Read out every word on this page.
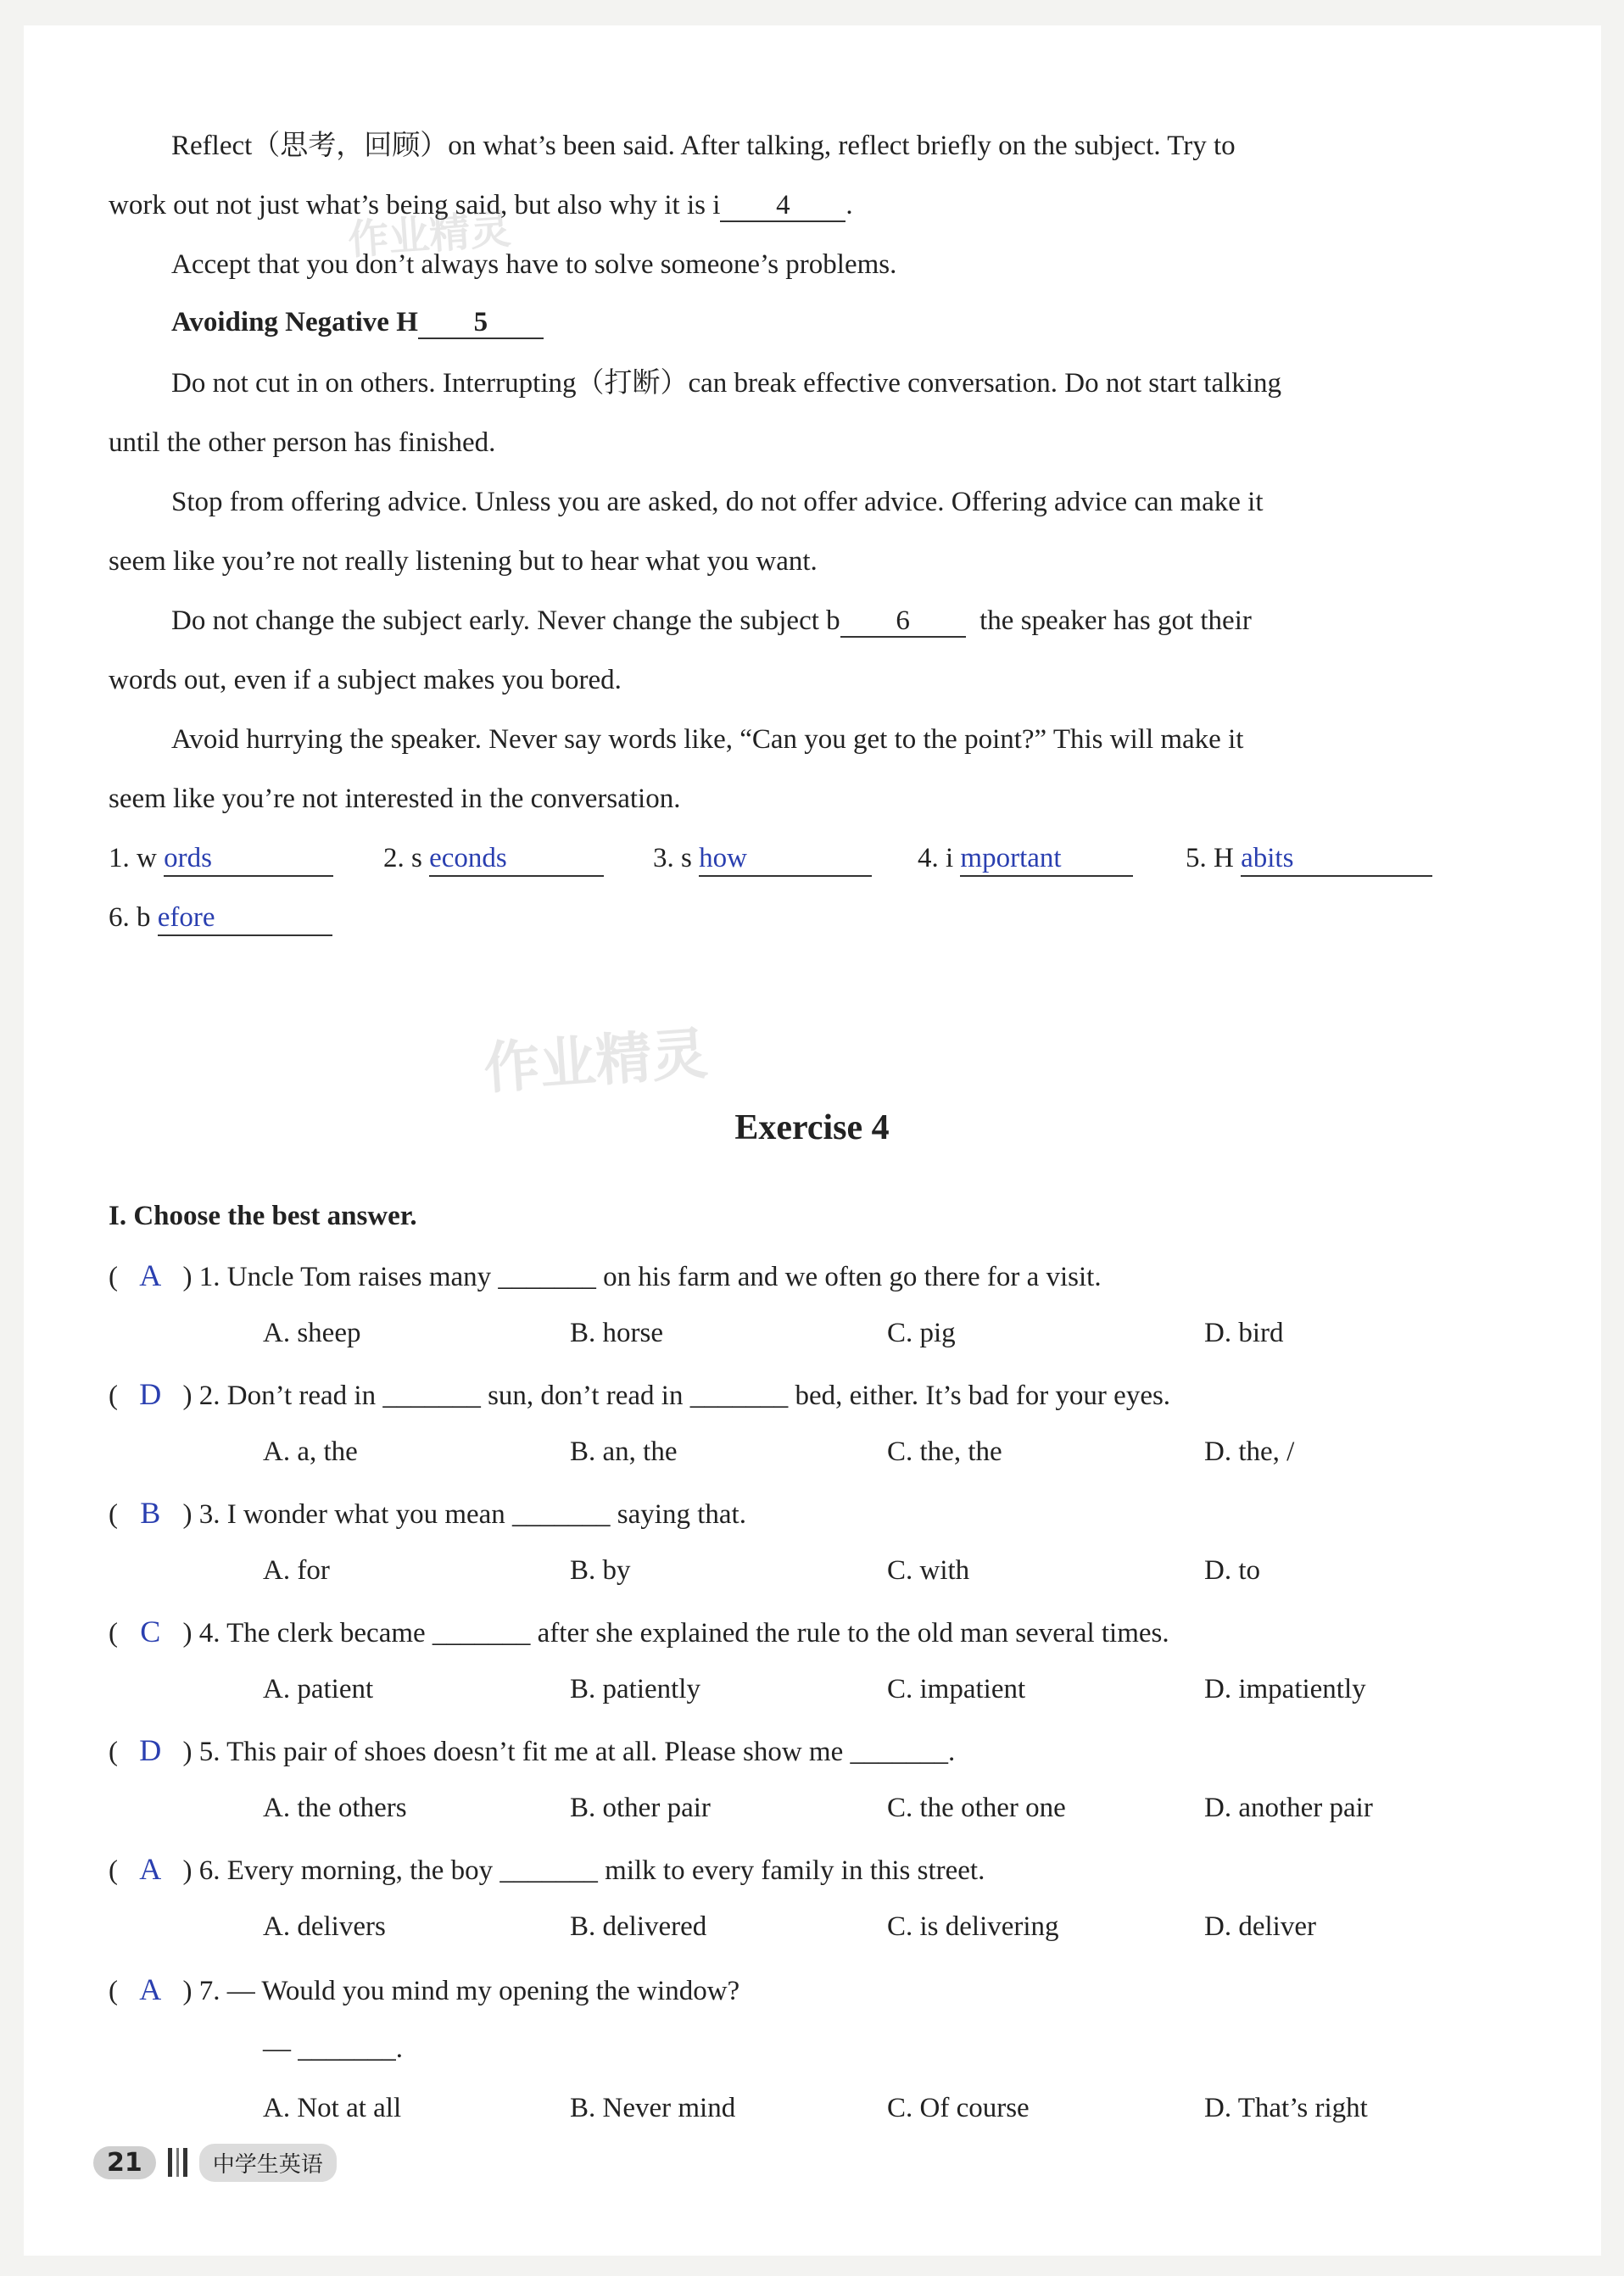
Reflect（思考，回顾）on what’s been said. After talking, reflect briefly on the subject. Try to
work out not just what’s being said, but also why it is i 4 .
Accept that you don’t always have to solve someone’s problems.
Avoiding Negative H 5
Do not cut in on others. Interrupting（打断）can break effective conversation. Do not start talking
until the other person has finished.
Stop from offering advice. Unless you are asked, do not offer advice. Offering advice can make it
seem like you’re not really listening but to hear what you want.
Do not change the subject early. Never change the subject b 6 the speaker has got their
words out, even if a subject makes you bored.
Avoid hurrying the speaker. Never say words like, “Can you get to the point?” This will make it
seem like you’re not interested in the conversation.
1. w ords	2. s econds	3. s how	4. i mportant	5. H abits
6. b efore
作业精灵
作业精灵
Exercise 4
I. Choose the best answer.
( A ) 1. Uncle Tom raises many _______ on his farm and we often go there for a visit.
A. sheep	B. horse	C. pig	D. bird
( D ) 2. Don’t read in _______ sun, don’t read in _______ bed, either. It’s bad for your eyes.
A. a, the	B. an, the	C. the, the	D. the, /
( B ) 3. I wonder what you mean _______ saying that.
A. for	B. by	C. with	D. to
( C ) 4. The clerk became _______ after she explained the rule to the old man several times.
A. patient	B. patiently	C. impatient	D. impatiently
( D ) 5. This pair of shoes doesn’t fit me at all. Please show me _______.
A. the others	B. other pair	C. the other one	D. another pair
( A ) 6. Every morning, the boy _______ milk to every family in this street.
A. delivers	B. delivered	C. is delivering	D. deliver
( A ) 7. — Would you mind my opening the window?
— _______.
A. Not at all	B. Never mind	C. Of course	D. That’s right
21	中学生英语
